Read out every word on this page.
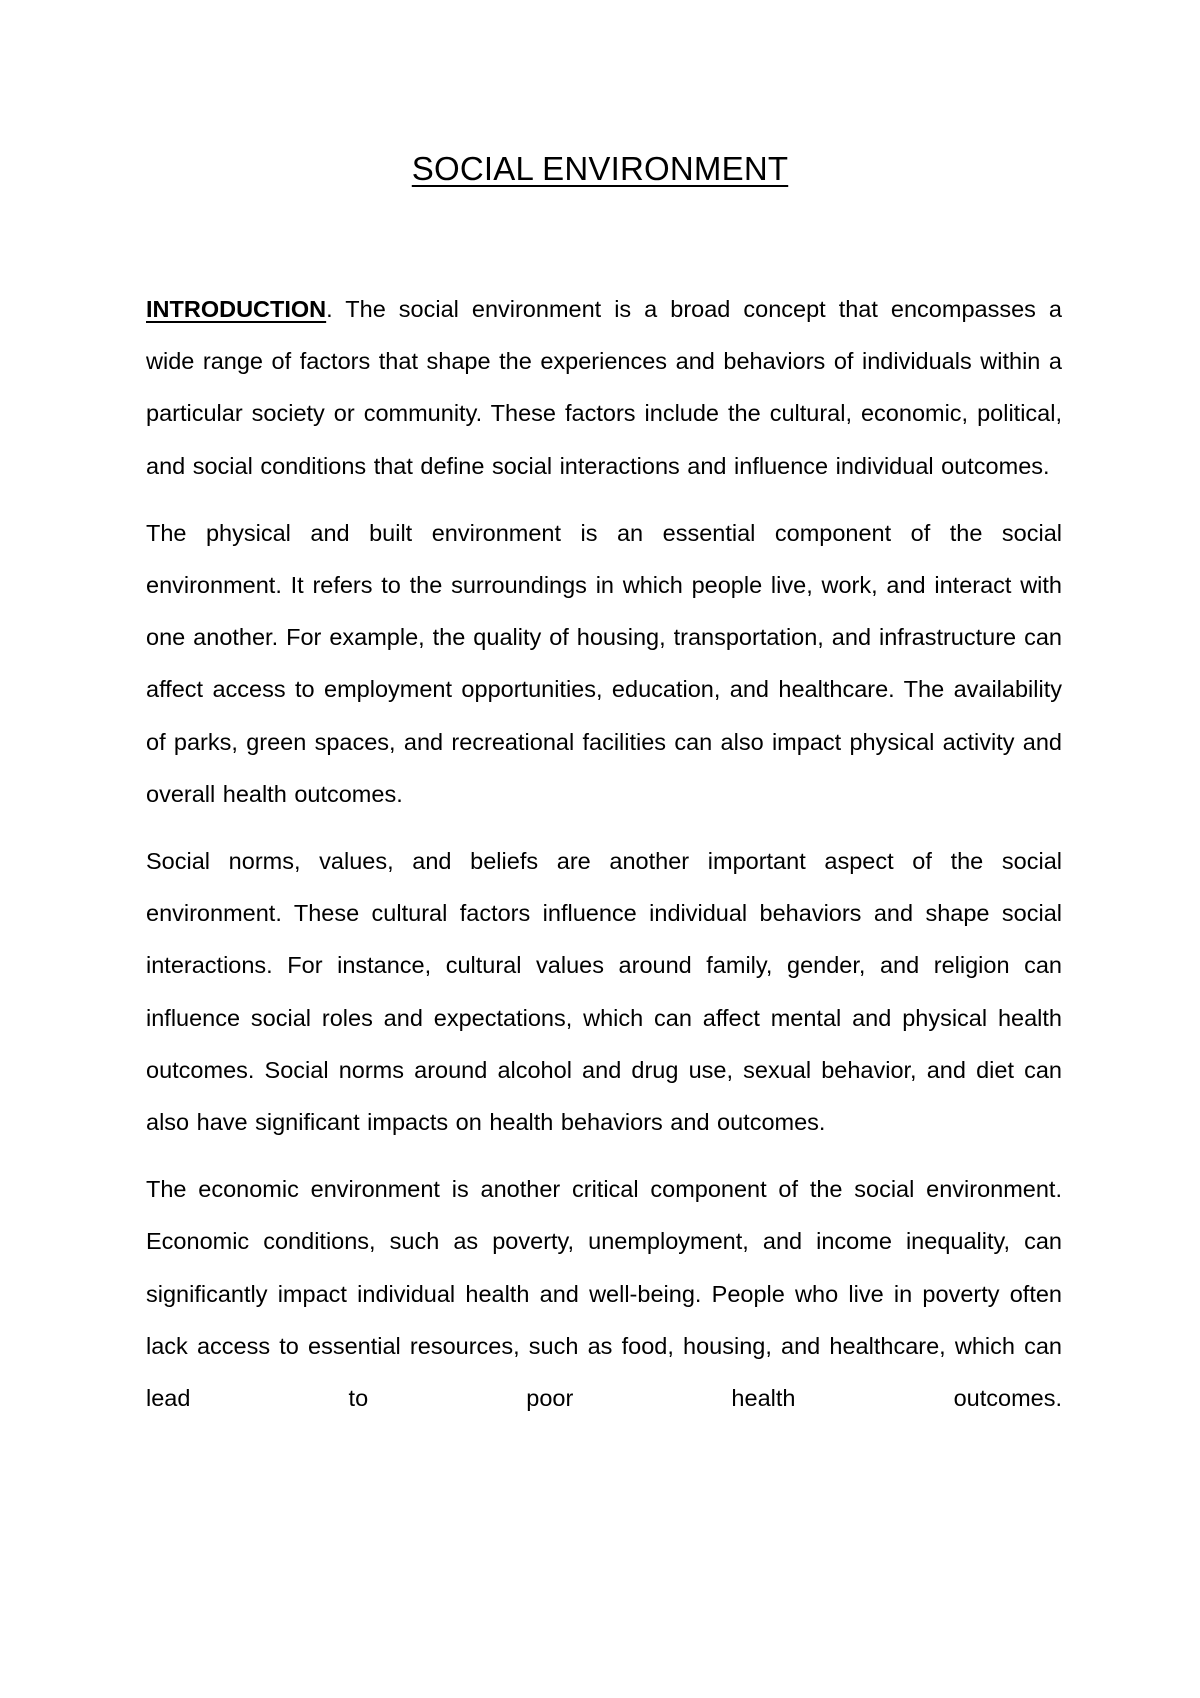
SOCIAL ENVIRONMENT

INTRODUCTION. The social environment is a broad concept that encompasses a wide range of factors that shape the experiences and behaviors of individuals within a particular society or community. These factors include the cultural, economic, political, and social conditions that define social interactions and influence individual outcomes.

The physical and built environment is an essential component of the social environment. It refers to the surroundings in which people live, work, and interact with one another. For example, the quality of housing, transportation, and infrastructure can affect access to employment opportunities, education, and healthcare. The availability of parks, green spaces, and recreational facilities can also impact physical activity and overall health outcomes.

Social norms, values, and beliefs are another important aspect of the social environment. These cultural factors influence individual behaviors and shape social interactions. For instance, cultural values around family, gender, and religion can influence social roles and expectations, which can affect mental and physical health outcomes. Social norms around alcohol and drug use, sexual behavior, and diet can also have significant impacts on health behaviors and outcomes.

The economic environment is another critical component of the social environment. Economic conditions, such as poverty, unemployment, and income inequality, can significantly impact individual health and well-being. People who live in poverty often lack access to essential resources, such as food, housing, and healthcare, which can lead to poor health outcomes.
